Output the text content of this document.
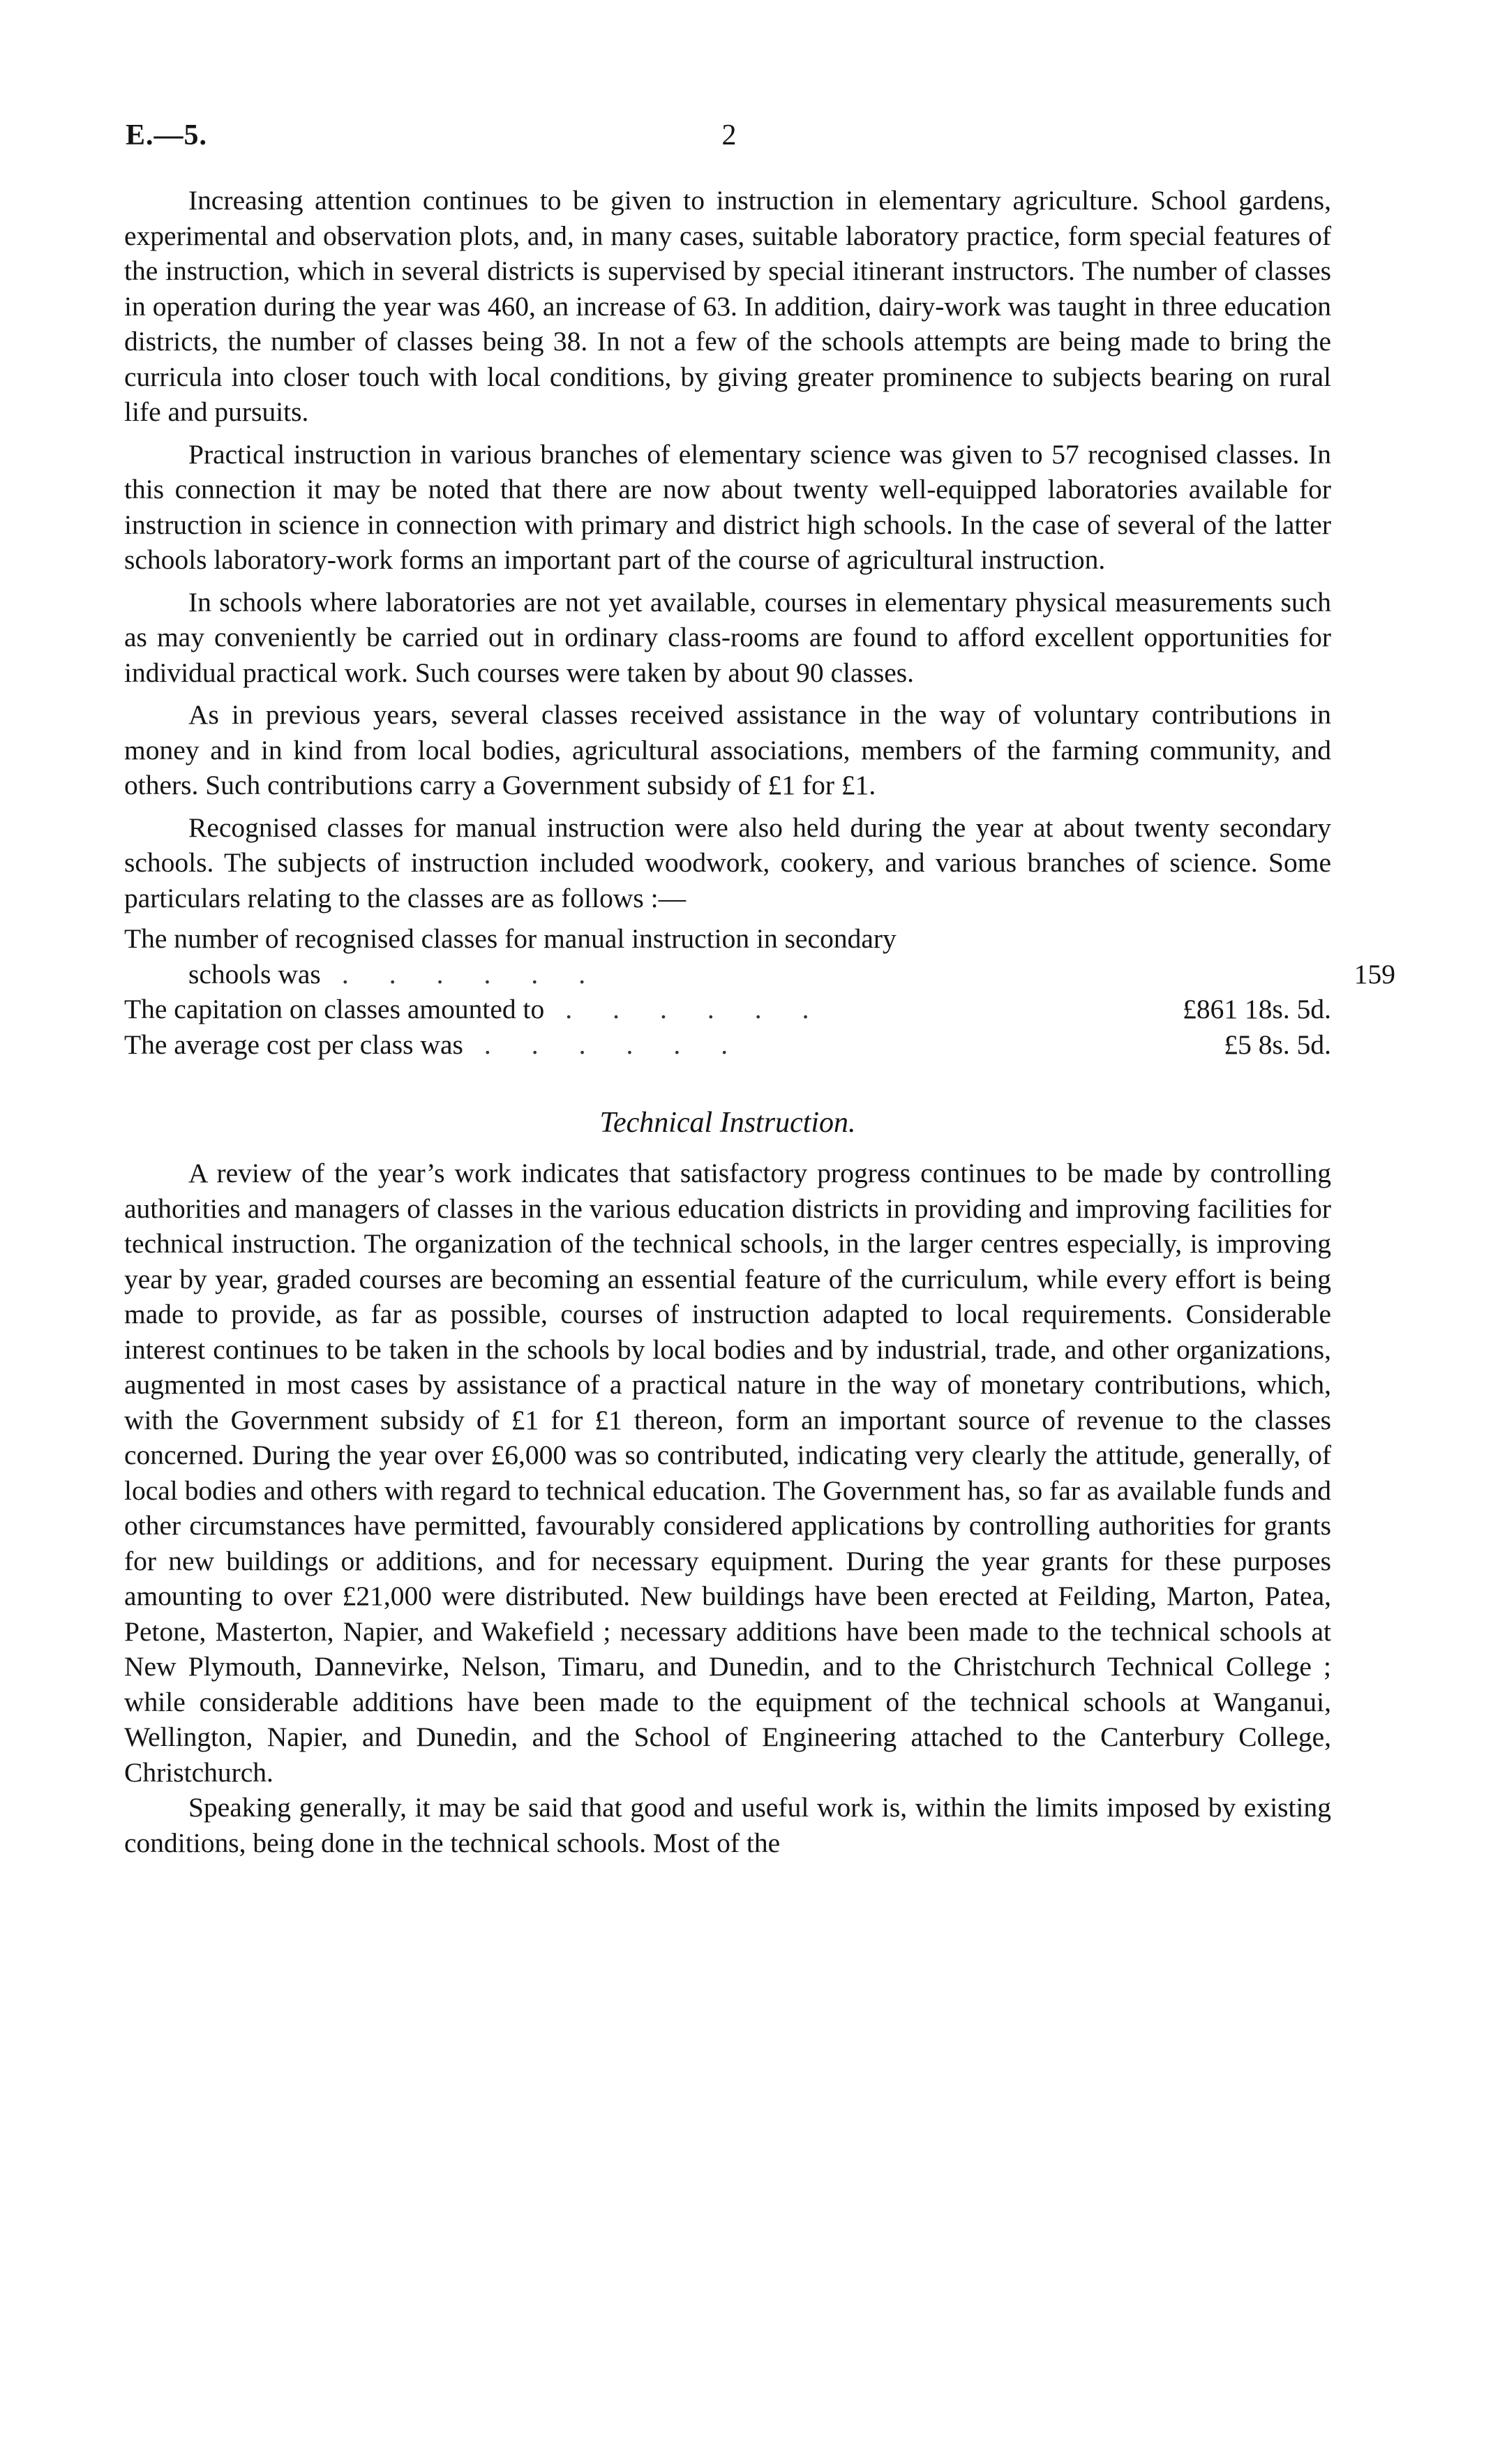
E.—5.	2

Increasing attention continues to be given to instruction in elementary agriculture. School gardens, experimental and observation plots, and, in many cases, suitable laboratory practice, form special features of the instruction, which in several districts is supervised by special itinerant instructors. The number of classes in operation during the year was 460, an increase of 63. In addition, dairy-work was taught in three education districts, the number of classes being 38. In not a few of the schools attempts are being made to bring the curricula into closer touch with local conditions, by giving greater prominence to subjects bearing on rural life and pursuits.

Practical instruction in various branches of elementary science was given to 57 recognised classes. In this connection it may be noted that there are now about twenty well-equipped laboratories available for instruction in science in connection with primary and district high schools. In the case of several of the latter schools laboratory-work forms an important part of the course of agricultural instruction.

In schools where laboratories are not yet available, courses in elementary physical measurements such as may conveniently be carried out in ordinary class-rooms are found to afford excellent opportunities for individual practical work. Such courses were taken by about 90 classes.

As in previous years, several classes received assistance in the way of voluntary contributions in money and in kind from local bodies, agricultural associations, members of the farming community, and others. Such contributions carry a Government subsidy of £1 for £1.

Recognised classes for manual instruction were also held during the year at about twenty secondary schools. The subjects of instruction included woodwork, cookery, and various branches of science. Some particulars relating to the classes are as follows :—

The number of recognised classes for manual instruction in secondary
schools was ......	159
The capitation on classes amounted to ......	£861 18s. 5d.
The average cost per class was ......	£5 8s. 5d.
Technical Instruction.

A review of the year’s work indicates that satisfactory progress continues to be made by controlling authorities and managers of classes in the various education districts in providing and improving facilities for technical instruction. The organization of the technical schools, in the larger centres especially, is improving year by year, graded courses are becoming an essential feature of the curriculum, while every effort is being made to provide, as far as possible, courses of instruction adapted to local requirements. Considerable interest continues to be taken in the schools by local bodies and by industrial, trade, and other organizations, augmented in most cases by assistance of a practical nature in the way of monetary contributions, which, with the Government subsidy of £1 for £1 thereon, form an important source of revenue to the classes concerned. During the year over £6,000 was so contributed, indicating very clearly the attitude, generally, of local bodies and others with regard to technical education. The Government has, so far as available funds and other circumstances have permitted, favourably considered applications by controlling authorities for grants for new buildings or additions, and for necessary equipment. During the year grants for these purposes amounting to over £21,000 were distributed. New buildings have been erected at Feilding, Marton, Patea, Petone, Masterton, Napier, and Wakefield ; necessary additions have been made to the technical schools at New Plymouth, Dannevirke, Nelson, Timaru, and Dunedin, and to the Christchurch Technical College ; while considerable additions have been made to the equipment of the technical schools at Wanganui, Wellington, Napier, and Dunedin, and the School of Engineering attached to the Canterbury College, Christchurch.

Speaking generally, it may be said that good and useful work is, within the limits imposed by existing conditions, being done in the technical schools. Most of the
